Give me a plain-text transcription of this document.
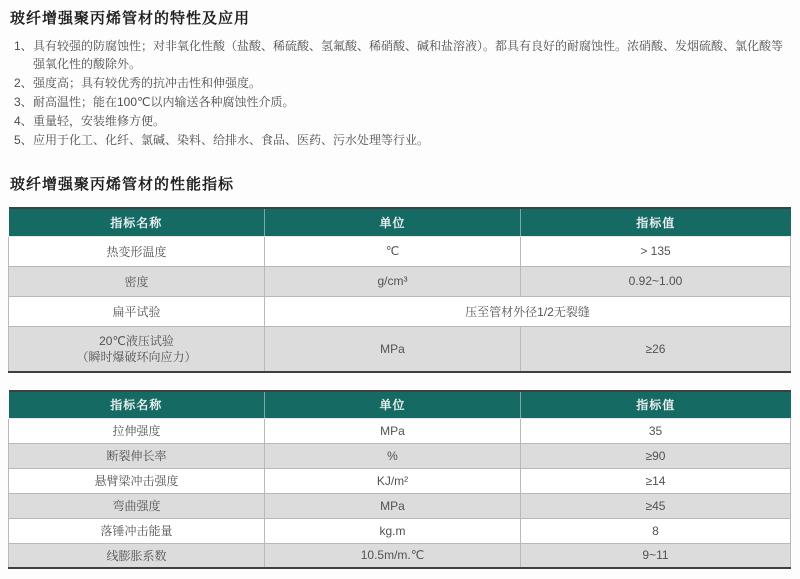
玻纤增强聚丙烯管材的特性及应用
1、 具有较强的防腐蚀性；对非氧化性酸（盐酸、稀硫酸、氢氟酸、稀硝酸、碱和盐溶液）。都具有良好的耐腐蚀性。浓硝酸、发烟硫酸、氯化酸等强氧化性的酸除外。
2、 强度高；具有较优秀的抗冲击性和伸强度。
3、 耐高温性；能在100℃以内输送各种腐蚀性介质。
4、 重量轻，安装维修方便。
5、 应用于化工、化纤、氯碱、染料、给排水、食品、医药、污水处理等行业。
玻纤增强聚丙烯管材的性能指标
指标名称	单位	指标值
热变形温度	℃	> 135
密度	g/cm³	0.92~1.00
扁平试验	压至管材外径1/2无裂缝	

20℃液压试验
（瞬时爆破环向应力）	MPa	≥26
指标名称	单位	指标值
拉伸强度	MPa	35
断裂伸长率	%	≥90
悬臂梁冲击强度	KJ/m²	≥14
弯曲强度	MPa	≥45
落锤冲击能量	kg.m	8
线膨胀系数	10.5m/m.℃	9~11
